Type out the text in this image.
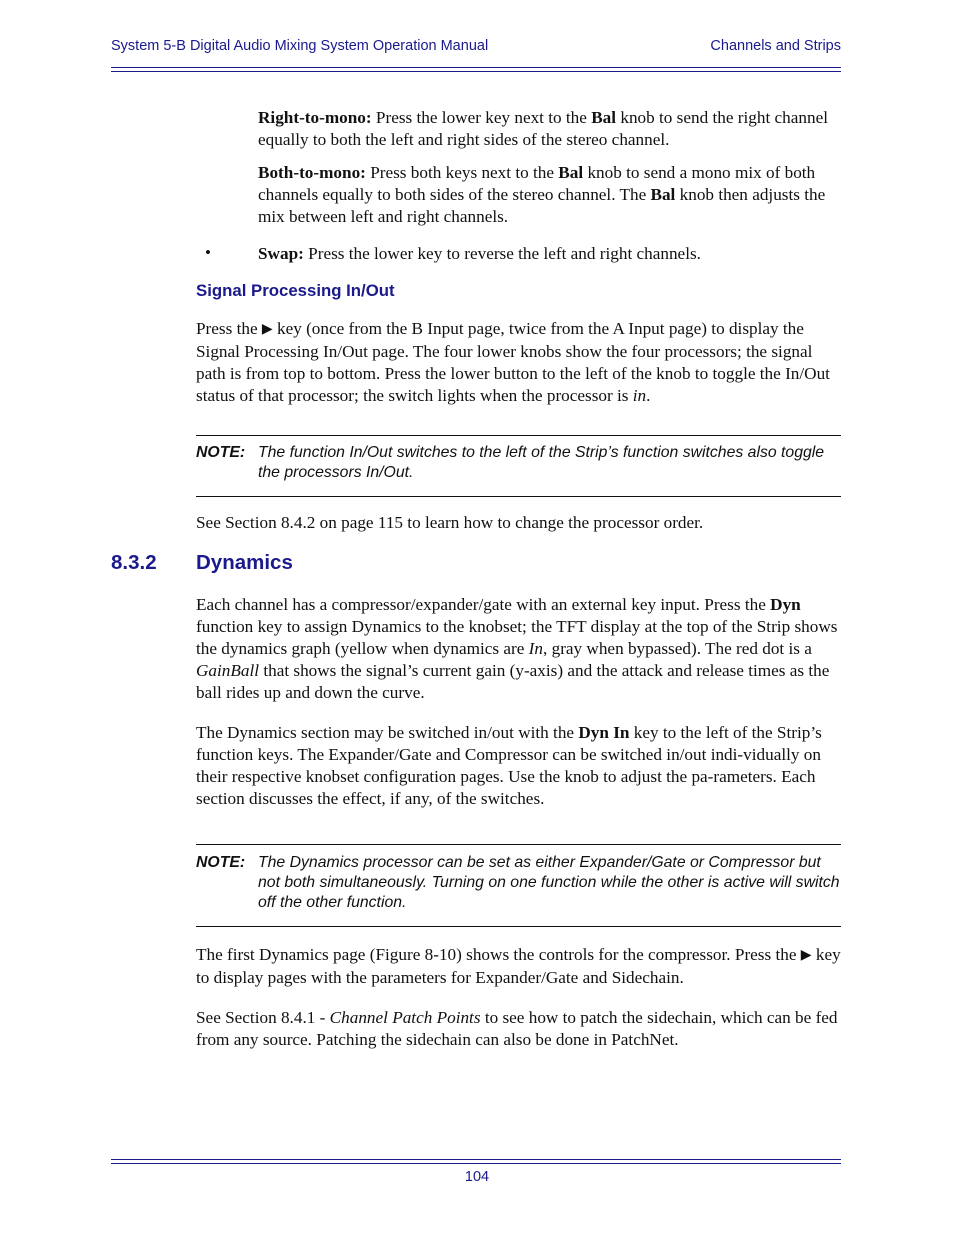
System 5-B Digital Audio Mixing System Operation Manual	Channels and Strips

Right-to-mono: Press the lower key next to the Bal knob to send the right channel equally to both the left and right sides of the stereo channel.

Both-to-mono: Press both keys next to the Bal knob to send a mono mix of both channels equally to both sides of the stereo channel. The Bal knob then adjusts the mix between left and right channels.

•	Swap: Press the lower key to reverse the left and right channels.

Signal Processing In/Out

Press the ▶ key (once from the B Input page, twice from the A Input page) to display the Signal Processing In/Out page. The four lower knobs show the four processors; the signal path is from top to bottom. Press the lower button to the left of the knob to toggle the In/Out status of that processor; the switch lights when the processor is in.

NOTE: The function In/Out switches to the left of the Strip’s function switches also toggle the processors In/Out.

See Section 8.4.2 on page 115 to learn how to change the processor order.

8.3.2 Dynamics

Each channel has a compressor/expander/gate with an external key input. Press the Dyn function key to assign Dynamics to the knobset; the TFT display at the top of the Strip shows the dynamics graph (yellow when dynamics are In, gray when bypassed). The red dot is a GainBall that shows the signal’s current gain (y-axis) and the attack and release times as the ball rides up and down the curve.

The Dynamics section may be switched in/out with the Dyn In key to the left of the Strip’s function keys. The Expander/Gate and Compressor can be switched in/out indi-vidually on their respective knobset configuration pages. Use the knob to adjust the pa-rameters. Each section discusses the effect, if any, of the switches.

NOTE: The Dynamics processor can be set as either Expander/Gate or Compressor but not both simultaneously. Turning on one function while the other is active will switch off the other function.

The first Dynamics page (Figure 8-10) shows the controls for the compressor. Press the ▶ key to display pages with the parameters for Expander/Gate and Sidechain.

See Section 8.4.1 - Channel Patch Points to see how to patch the sidechain, which can be fed from any source. Patching the sidechain can also be done in PatchNet.

104
